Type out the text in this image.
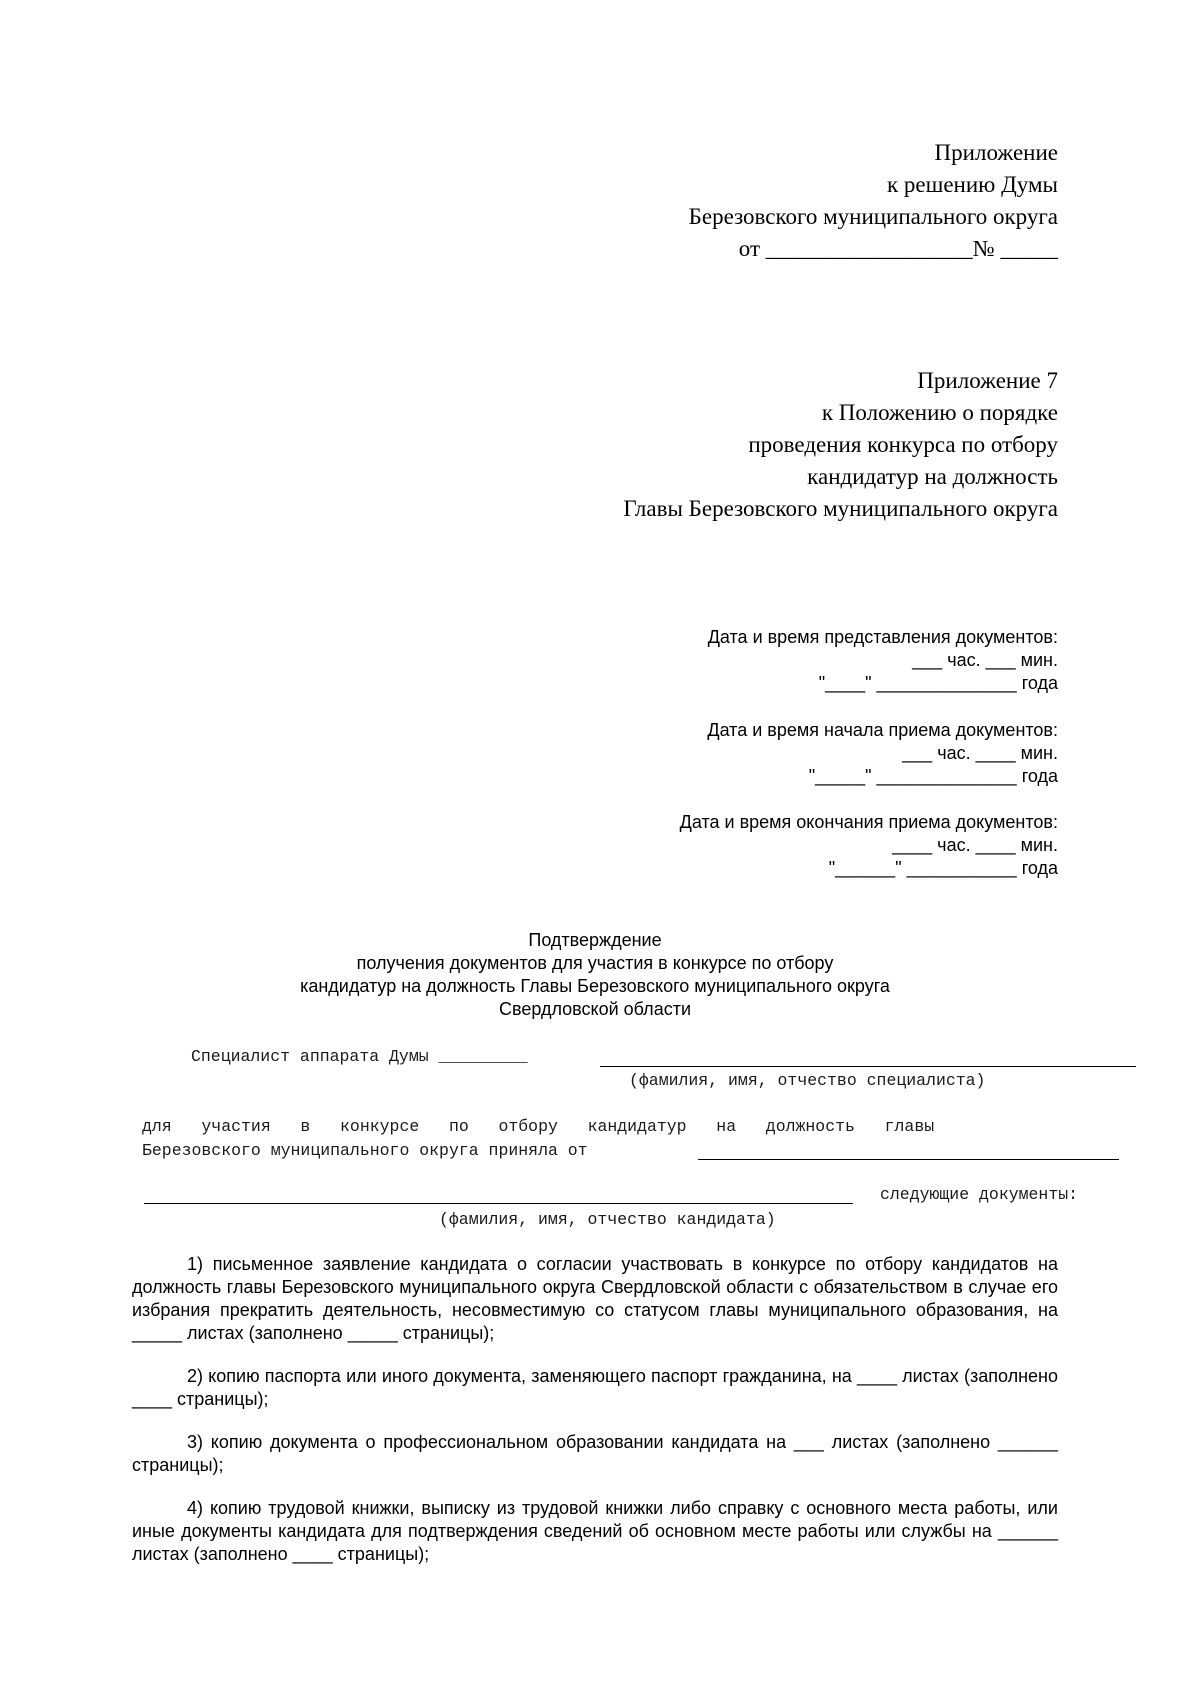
Приложение
к решению Думы
Березовского муниципального округа
от __________________№ _____
Приложение 7
к Положению о порядке
проведения конкурса по отбору
кандидатур на должность
Главы Березовского муниципального округа
Дата и время представления документов:
___ час. ___ мин.
"____" ______________ года
Дата и время начала приема документов:
___ час. ____ мин.
"_____" ______________ года
Дата и время окончания приема документов:
____ час. ____ мин.
"______" ___________ года
Подтверждение
получения документов для участия в конкурсе по отбору
кандидатур на должность Главы Березовского муниципального округа
Свердловской области
Специалист аппарата Думы _________
(фамилия, имя, отчество специалиста)
для   участия   в   конкурсе   по   отбору   кандидатур   на   должность   главы
Березовского муниципального округа приняла от
следующие документы:
(фамилия, имя, отчество кандидата)
1) письменное заявление кандидата о согласии участвовать в конкурсе по отбору кандидатов на должность главы Березовского муниципального округа Свердловской области с обязательством в случае его избрания прекратить деятельность, несовместимую со статусом главы муниципального образования, на _____ листах (заполнено _____ страницы);
2) копию паспорта или иного документа, заменяющего паспорт гражданина, на ____ листах (заполнено ____ страницы);
3) копию документа о профессиональном образовании кандидата на ___ листах (заполнено ______ страницы);
4) копию трудовой книжки, выписку из трудовой книжки либо справку с основного места работы, или иные документы кандидата для подтверждения сведений об основном месте работы или службы на ______ листах (заполнено ____ страницы);
